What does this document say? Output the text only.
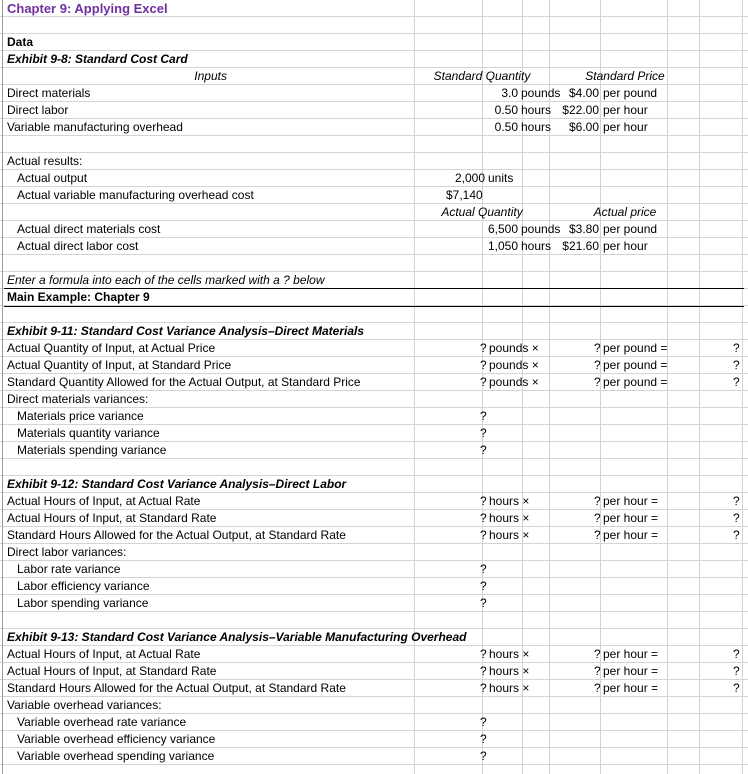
Chapter 9: Applying Excel
Data
Exhibit 9-8: Standard Cost Card
Inputs	Standard Quantity	Standard Price
Direct materials	3.0 pounds $4.00 per pound
Direct labor	0.50 hours $22.00 per hour
Variable manufacturing overhead	0.50 hours	$6.00 per hour
Actual results:
Actual output	2,000 units
Actual variable manufacturing overhead cost	$7,140
Actual Quantity	Actual price
Actual direct materials cost	6,500 pounds $3.80 per pound
Actual direct labor cost	1,050 hours $21.60 per hour
Enter a formula into each of the cells marked with a ? below
Main Example: Chapter 9
Exhibit 9-11: Standard Cost Variance Analysis–Direct Materials
Actual Quantity of Input, at Actual Price	? pounds ×	? per pound =	?
Actual Quantity of Input, at Standard Price	? pounds ×	? per pound =	?
Standard Quantity Allowed for the Actual Output, at Standard Price	? pounds ×	? per pound =	?
Direct materials variances:
Materials price variance	?
Materials quantity variance	?
Materials spending variance	?
Exhibit 9-12: Standard Cost Variance Analysis–Direct Labor
Actual Hours of Input, at Actual Rate	? hours ×	? per hour =	?
Actual Hours of Input, at Standard Rate	? hours ×	? per hour =	?
Standard Hours Allowed for the Actual Output, at Standard Rate	? hours ×	? per hour =	?
Direct labor variances:
Labor rate variance	?
Labor efficiency variance	?
Labor spending variance	?
Exhibit 9-13: Standard Cost Variance Analysis–Variable Manufacturing Overhead
Actual Hours of Input, at Actual Rate	? hours ×	? per hour =	?
Actual Hours of Input, at Standard Rate	? hours ×	? per hour =	?
Standard Hours Allowed for the Actual Output, at Standard Rate	? hours ×	? per hour =	?
Variable overhead variances:
Variable overhead rate variance	?
Variable overhead efficiency variance	?
Variable overhead spending variance	?
